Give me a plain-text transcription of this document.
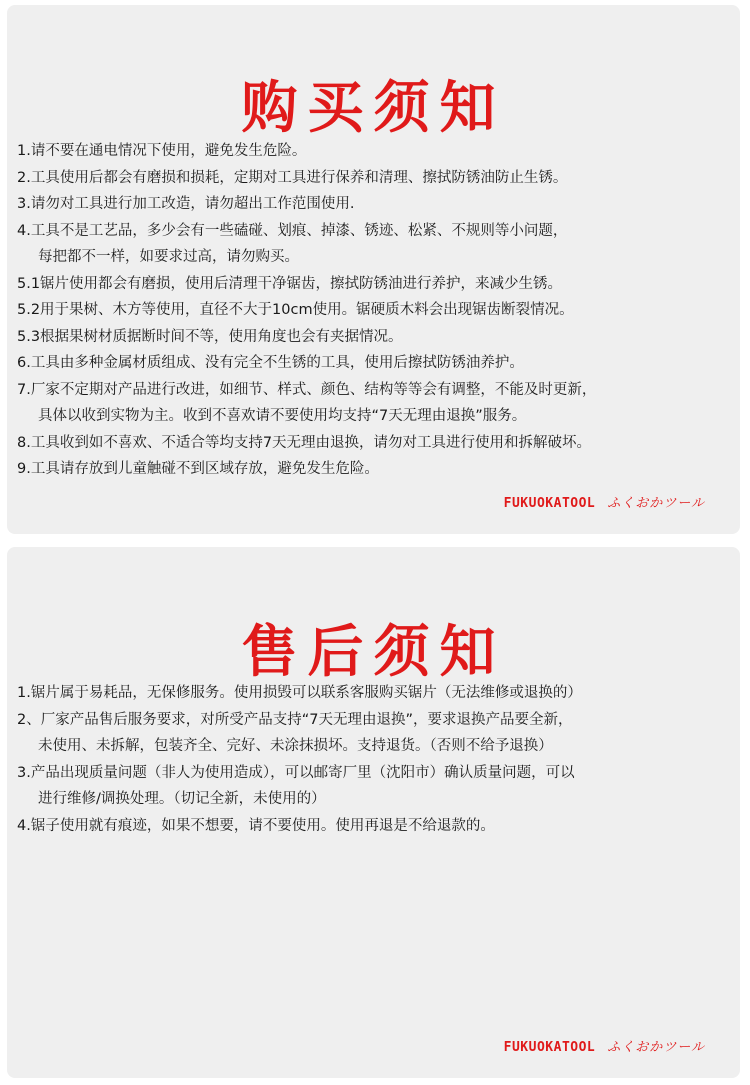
购买须知
1.请不要在通电情况下使用，避免发生危险。
2.工具使用后都会有磨损和损耗，定期对工具进行保养和清理、擦拭防锈油防止生锈。
3.请勿对工具进行加工改造，请勿超出工作范围使用.
4.工具不是工艺品，多少会有一些磕碰、划痕、掉漆、锈迹、松紧、不规则等小问题，
每把都不一样，如要求过高，请勿购买。
5.1锯片使用都会有磨损，使用后清理干净锯齿，擦拭防锈油进行养护，来减少生锈。
5.2用于果树、木方等使用，直径不大于10cm使用。锯硬质木料会出现锯齿断裂情况。
5.3根据果树材质据断时间不等，使用角度也会有夹据情况。
6.工具由多种金属材质组成、没有完全不生锈的工具，使用后擦拭防锈油养护。
7.厂家不定期对产品进行改进，如细节、样式、颜色、结构等等会有调整，不能及时更新，
具体以收到实物为主。收到不喜欢请不要使用均支持“7天无理由退换”服务。
8.工具收到如不喜欢、不适合等均支持7天无理由退换，请勿对工具进行使用和拆解破坏。
9.工具请存放到儿童触碰不到区域存放，避免发生危险。
FUKUOKATOOL ふくおかツール
售后须知
1.锯片属于易耗品，无保修服务。使用损毁可以联系客服购买锯片（无法维修或退换的）
2、厂家产品售后服务要求，对所受产品支持“7天无理由退换”，要求退换产品要全新，
未使用、未拆解，包装齐全、完好、未涂抹损坏。支持退货。（否则不给予退换）
3.产品出现质量问题（非人为使用造成），可以邮寄厂里（沈阳市）确认质量问题，可以
进行维修/调换处理。（切记全新，未使用的）
4.锯子使用就有痕迹，如果不想要，请不要使用。使用再退是不给退款的。
FUKUOKATOOL ふくおかツール
